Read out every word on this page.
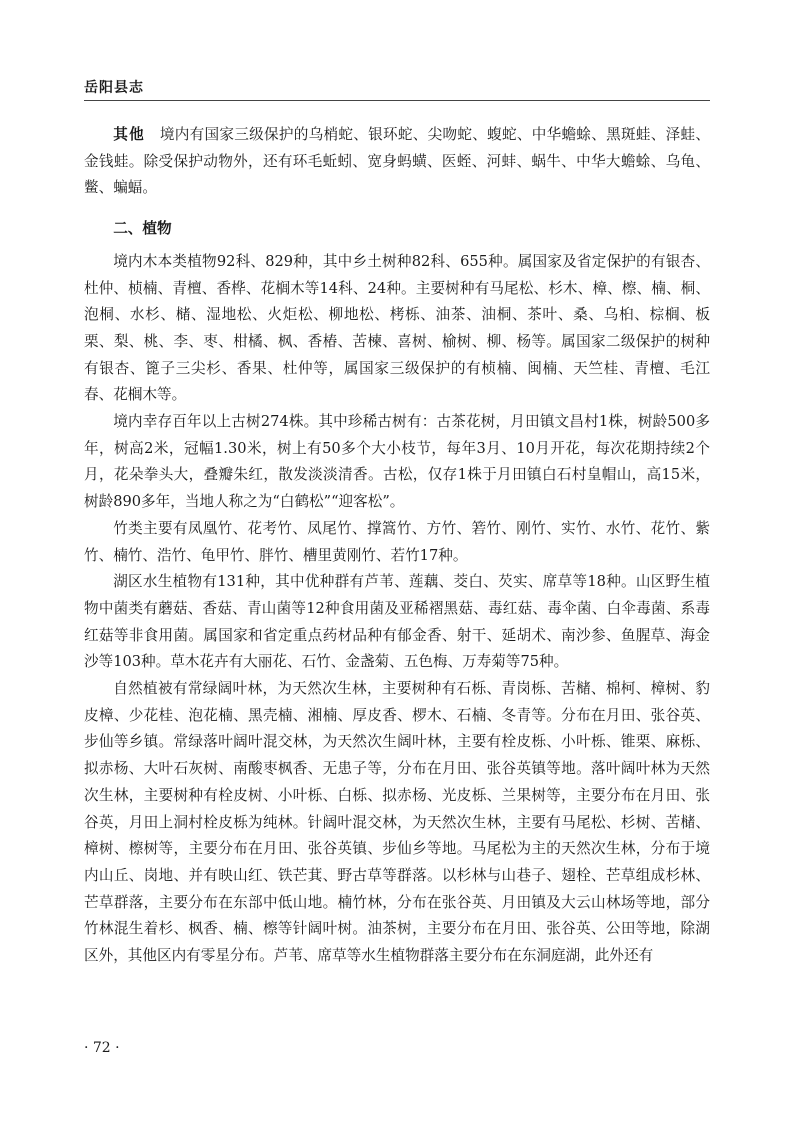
岳阳县志

其他　 境内有国家三级保护的乌梢蛇、银环蛇、尖吻蛇、蝮蛇、中华蟾蜍、黑斑蛙、泽蛙、金钱蛙。除受保护动物外，还有环毛蚯蚓、宽身蚂蟥、医蛭、河蚌、蜗牛、中华大蟾蜍、乌龟、鳖、蝙蝠。

二、植物

境内木本类植物92科、829种，其中乡土树种82科、655种。属国家及省定保护的有银杏、杜仲、桢楠、青檀、香桦、花榈木等14科、24种。主要树种有马尾松、杉木、樟、檫、楠、桐、泡桐、水杉、槠、湿地松、火炬松、柳地松、栲栎、油茶、油桐、茶叶、桑、乌桕、棕榈、板栗、梨、桃、李、枣、柑橘、枫、香椿、苦楝、喜树、榆树、柳、杨等。属国家二级保护的树种有银杏、篦子三尖杉、香果、杜仲等，属国家三级保护的有桢楠、闽楠、天竺桂、青檀、毛江春、花榈木等。

境内幸存百年以上古树274株。其中珍稀古树有：古茶花树，月田镇文昌村1株，树龄500多年，树高2米，冠幅1.30米，树上有50多个大小枝节，每年3月、10月开花，每次花期持续2个月，花朵拳头大，叠瓣朱红，散发淡淡清香。古松，仅存1株于月田镇白石村皇帽山，高15米，树龄890多年，当地人称之为“白鹤松”“迎客松”。

竹类主要有凤凰竹、花考竹、凤尾竹、撑篙竹、方竹、箬竹、刚竹、实竹、水竹、花竹、紫竹、楠竹、浩竹、龟甲竹、胖竹、槽里黄刚竹、若竹17种。

湖区水生植物有131种，其中优种群有芦苇、莲藕、茭白、芡实、席草等18种。山区野生植物中菌类有蘑菇、香菇、青山菌等12种食用菌及亚稀褶黑菇、毒红菇、毒伞菌、白伞毒菌、系毒红菇等非食用菌。属国家和省定重点药材品种有郁金香、射干、延胡术、南沙参、鱼腥草、海金沙等103种。草木花卉有大丽花、石竹、金盏菊、五色梅、万寿菊等75种。

自然植被有常绿阔叶林，为天然次生林，主要树种有石栎、青岗栎、苦槠、棉柯、樟树、豹皮樟、少花桂、泡花楠、黑壳楠、湘楠、厚皮香、椤木、石楠、冬青等。分布在月田、张谷英、步仙等乡镇。常绿落叶阔叶混交林，为天然次生阔叶林，主要有栓皮栎、小叶栎、锥栗、麻栎、拟赤杨、大叶石灰树、南酸枣枫香、无患子等，分布在月田、张谷英镇等地。落叶阔叶林为天然次生林，主要树种有栓皮树、小叶栎、白栎、拟赤杨、光皮栎、兰果树等，主要分布在月田、张谷英，月田上洞村栓皮栎为纯林。针阔叶混交林，为天然次生林，主要有马尾松、杉树、苦槠、樟树、檫树等，主要分布在月田、张谷英镇、步仙乡等地。马尾松为主的天然次生林，分布于境内山丘、岗地、并有映山红、铁芒萁、野古草等群落。以杉林与山巷子、翅栓、芒草组成杉林、芒草群落，主要分布在东部中低山地。楠竹林，分布在张谷英、月田镇及大云山林场等地，部分竹林混生着杉、枫香、楠、檫等针阔叶树。油茶树，主要分布在月田、张谷英、公田等地，除湖区外，其他区内有零星分布。芦苇、席草等水生植物群落主要分布在东洞庭湖，此外还有

· 72 ·
